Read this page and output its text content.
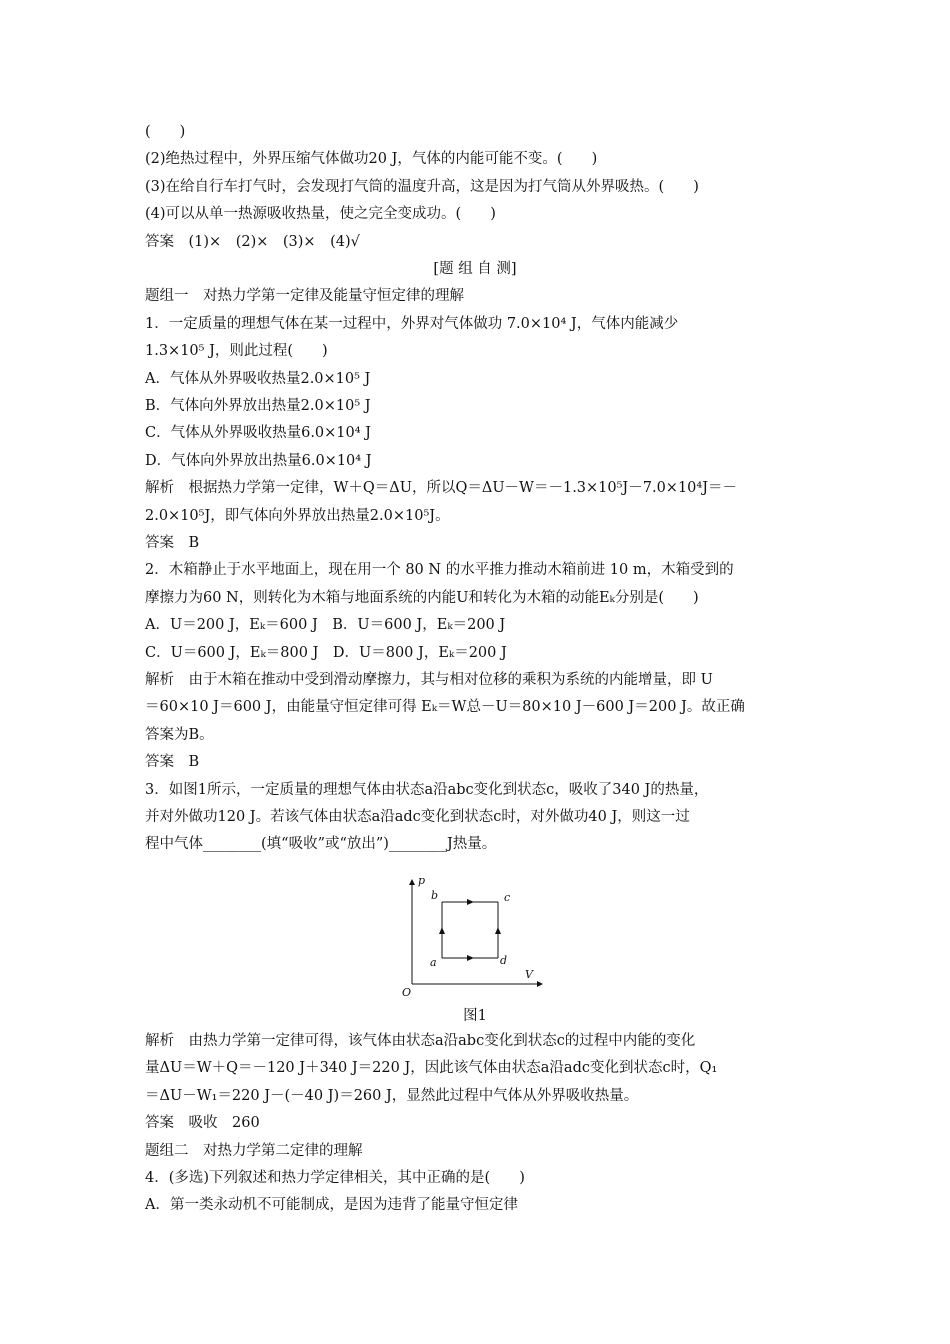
(　　)
(2)绝热过程中，外界压缩气体做功20 J，气体的内能可能不变。(　　)
(3)在给自行车打气时，会发现打气筒的温度升高，这是因为打气筒从外界吸热。(　　)
(4)可以从单一热源吸收热量，使之完全变成功。(　　)
答案　(1)×　(2)×　(3)×　(4)√
[题 组 自 测]
题组一　对热力学第一定律及能量守恒定律的理解
1．一定质量的理想气体在某一过程中，外界对气体做功 7.0×10⁴ J，气体内能减少
1.3×10⁵ J，则此过程(　　)
A．气体从外界吸收热量2.0×10⁵ J
B．气体向外界放出热量2.0×10⁵ J
C．气体从外界吸收热量6.0×10⁴ J
D．气体向外界放出热量6.0×10⁴ J
解析　根据热力学第一定律，W＋Q＝ΔU，所以Q＝ΔU－W＝－1.3×10⁵J－7.0×10⁴J＝－
2.0×10⁵J，即气体向外界放出热量2.0×10⁵J。
答案　B
2．木箱静止于水平地面上，现在用一个 80 N 的水平推力推动木箱前进 10 m，木箱受到的
摩擦力为60 N，则转化为木箱与地面系统的内能U和转化为木箱的动能Eₖ分别是(　　)
A．U＝200 J，Eₖ＝600 J　B．U＝600 J，Eₖ＝200 J
C．U＝600 J，Eₖ＝800 J　D．U＝800 J，Eₖ＝200 J
解析　由于木箱在推动中受到滑动摩擦力，其与相对位移的乘积为系统的内能增量，即 U
＝60×10 J＝600 J，由能量守恒定律可得 Eₖ＝W总－U＝80×10 J－600 J＝200 J。故正确
答案为B。
答案　B
3．如图1所示，一定质量的理想气体由状态a沿abc变化到状态c，吸收了340 J的热量，
并对外做功120 J。若该气体由状态a沿adc变化到状态c时，对外做功40 J，则这一过
程中气体________(填“吸收”或“放出”)________J热量。
p
V
O
b	c
a	d
图1
解析　由热力学第一定律可得，该气体由状态a沿abc变化到状态c的过程中内能的变化
量ΔU＝W＋Q＝－120 J＋340 J＝220 J，因此该气体由状态a沿adc变化到状态c时，Q₁
＝ΔU－W₁＝220 J－(－40 J)＝260 J，显然此过程中气体从外界吸收热量。
答案　吸收　260
题组二　对热力学第二定律的理解
4．(多选)下列叙述和热力学定律相关，其中正确的是(　　)
A．第一类永动机不可能制成，是因为违背了能量守恒定律
